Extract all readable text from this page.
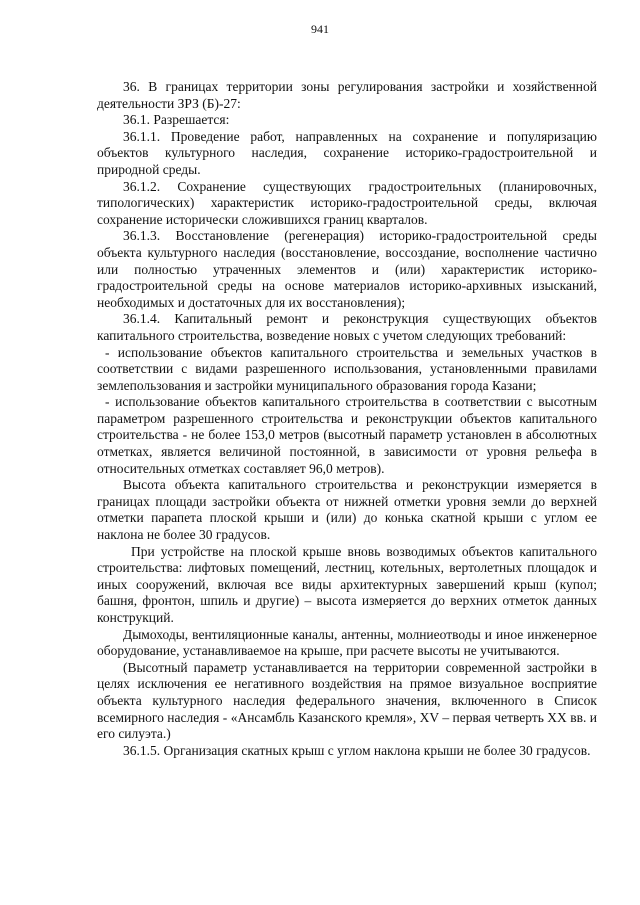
941

36. В границах территории зоны регулирования застройки и хозяйственной деятельности ЗРЗ (Б)-27:

36.1. Разрешается:

36.1.1. Проведение работ, направленных на сохранение и популяризацию объектов культурного наследия, сохранение историко-градостроительной и природной среды.

36.1.2. Сохранение существующих градостроительных (планировочных, типологических) характеристик историко-градостроительной среды, включая сохранение исторически сложившихся границ кварталов.

36.1.3. Восстановление (регенерация) историко-градостроительной среды объекта культурного наследия (восстановление, воссоздание, восполнение частично или полностью утраченных элементов и (или) характеристик историко-градостроительной среды на основе материалов историко-архивных изысканий, необходимых и достаточных для их восстановления);

36.1.4. Капитальный ремонт и реконструкция существующих объектов капитального строительства, возведение новых с учетом следующих требований:

- использование объектов капитального строительства и земельных участков в соответствии с видами разрешенного использования, установленными правилами землепользования и застройки муниципального образования города Казани;

- использование объектов капитального строительства в соответствии с высотным параметром разрешенного строительства и реконструкции объектов капитального строительства - не более 153,0 метров (высотный параметр установлен в абсолютных отметках, является величиной постоянной, в зависимости от уровня рельефа в относительных отметках составляет 96,0 метров).

Высота объекта капитального строительства и реконструкции измеряется в границах площади застройки объекта от нижней отметки уровня земли до верхней отметки парапета плоской крыши и (или) до конька скатной крыши с углом ее наклона не более 30 градусов.

При устройстве на плоской крыше вновь возводимых объектов капитального строительства: лифтовых помещений, лестниц, котельных, вертолетных площадок и иных сооружений, включая все виды архитектурных завершений крыш (купол; башня, фронтон, шпиль и другие) – высота измеряется до верхних отметок данных конструкций.

Дымоходы, вентиляционные каналы, антенны, молниеотводы и иное инженерное оборудование, устанавливаемое на крыше, при расчете высоты не учитываются.

(Высотный параметр устанавливается на территории современной застройки в целях исключения ее негативного воздействия на прямое визуальное восприятие объекта культурного наследия федерального значения, включенного в Список всемирного наследия - «Ансамбль Казанского кремля», XV – первая четверть XX вв. и его силуэта.)

36.1.5. Организация скатных крыш с углом наклона крыши не более 30 градусов.
